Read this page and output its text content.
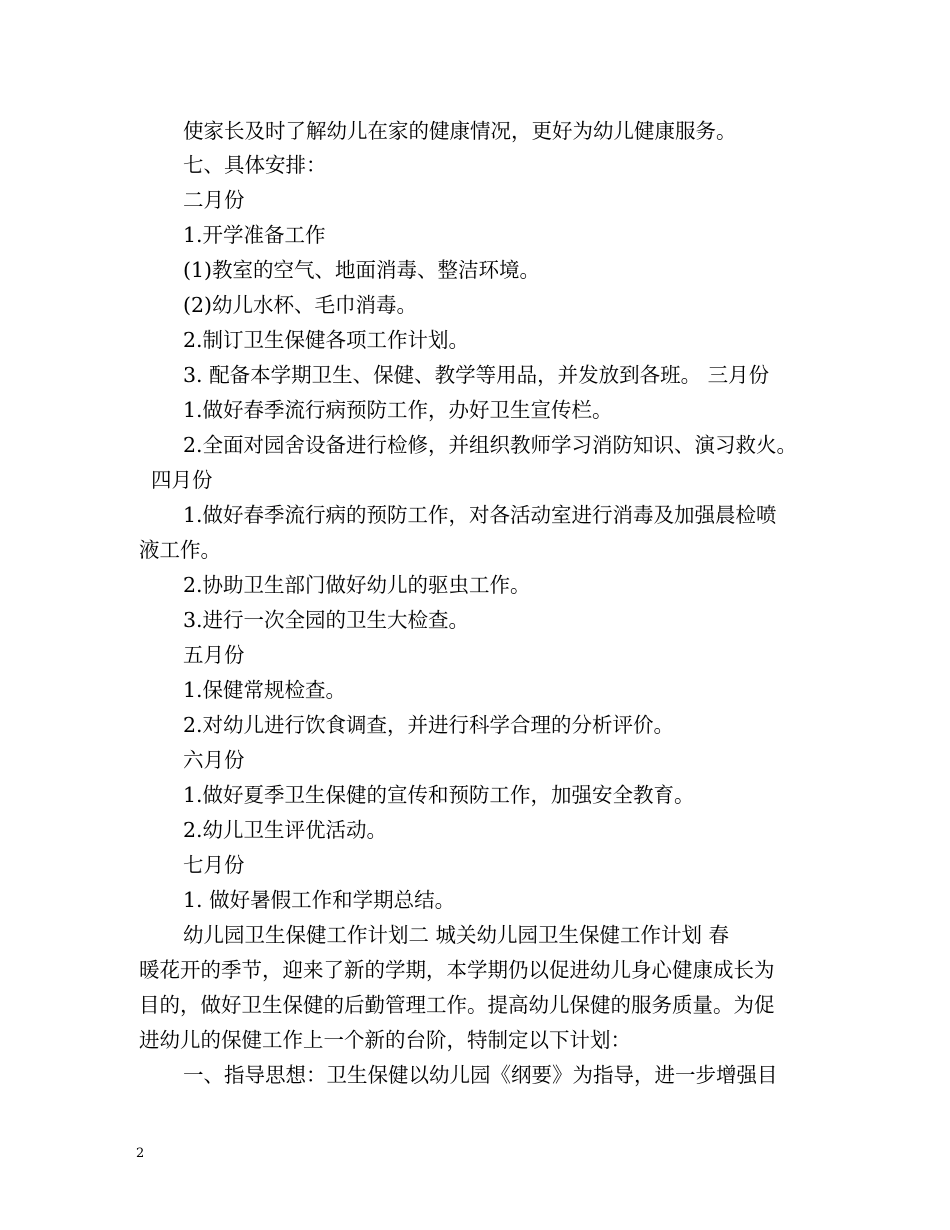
使家长及时了解幼儿在家的健康情况，更好为幼儿健康服务。
七、具体安排：
二月份
1.开学准备工作
(1)教室的空气、地面消毒、整洁环境。
(2)幼儿水杯、毛巾消毒。
2.制订卫生保健各项工作计划。
3. 配备本学期卫生、保健、教学等用品，并发放到各班。 三月份
1.做好春季流行病预防工作，办好卫生宣传栏。
2.全面对园舍设备进行检修，并组织教师学习消防知识、演习救火。
四月份
1.做好春季流行病的预防工作，对各活动室进行消毒及加强晨检喷
液工作。
2.协助卫生部门做好幼儿的驱虫工作。
3.进行一次全园的卫生大检查。
五月份
1.保健常规检查。
2.对幼儿进行饮食调查，并进行科学合理的分析评价。
六月份
1.做好夏季卫生保健的宣传和预防工作，加强安全教育。
2.幼儿卫生评优活动。
七月份
1. 做好暑假工作和学期总结。
幼儿园卫生保健工作计划二 城关幼儿园卫生保健工作计划 春
暖花开的季节，迎来了新的学期，本学期仍以促进幼儿身心健康成长为
目的，做好卫生保健的后勤管理工作。提高幼儿保健的服务质量。为促
进幼儿的保健工作上一个新的台阶，特制定以下计划：
一、指导思想：卫生保健以幼儿园《纲要》为指导，进一步增强目
2
